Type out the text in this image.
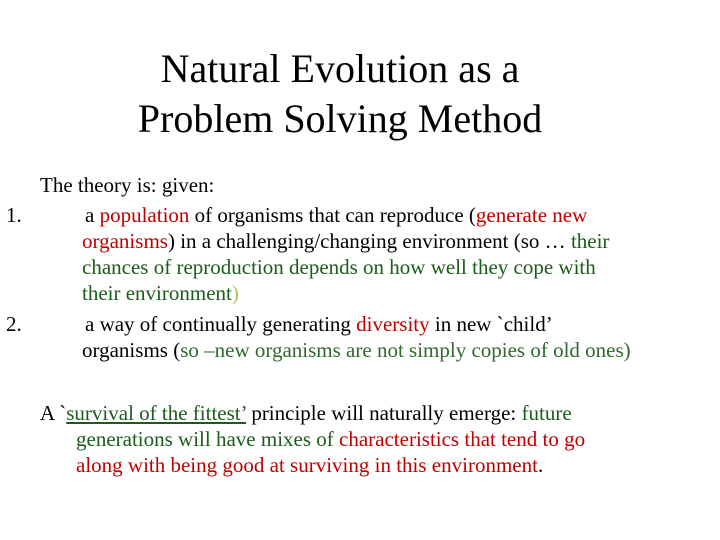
Natural Evolution as a
Problem Solving Method
The theory is: given:
1.	a population of organisms that can reproduce (generate new
organisms) in a challenging/changing environment (so … their
chances of reproduction depends on how well they cope with
their environment)
2.	a way of continually generating diversity in new `child’
organisms (so –new organisms are not simply copies of old ones)
A `survival of the fittest’ principle will naturally emerge: future
generations will have mixes of characteristics that tend to go
along with being good at surviving in this environment.
